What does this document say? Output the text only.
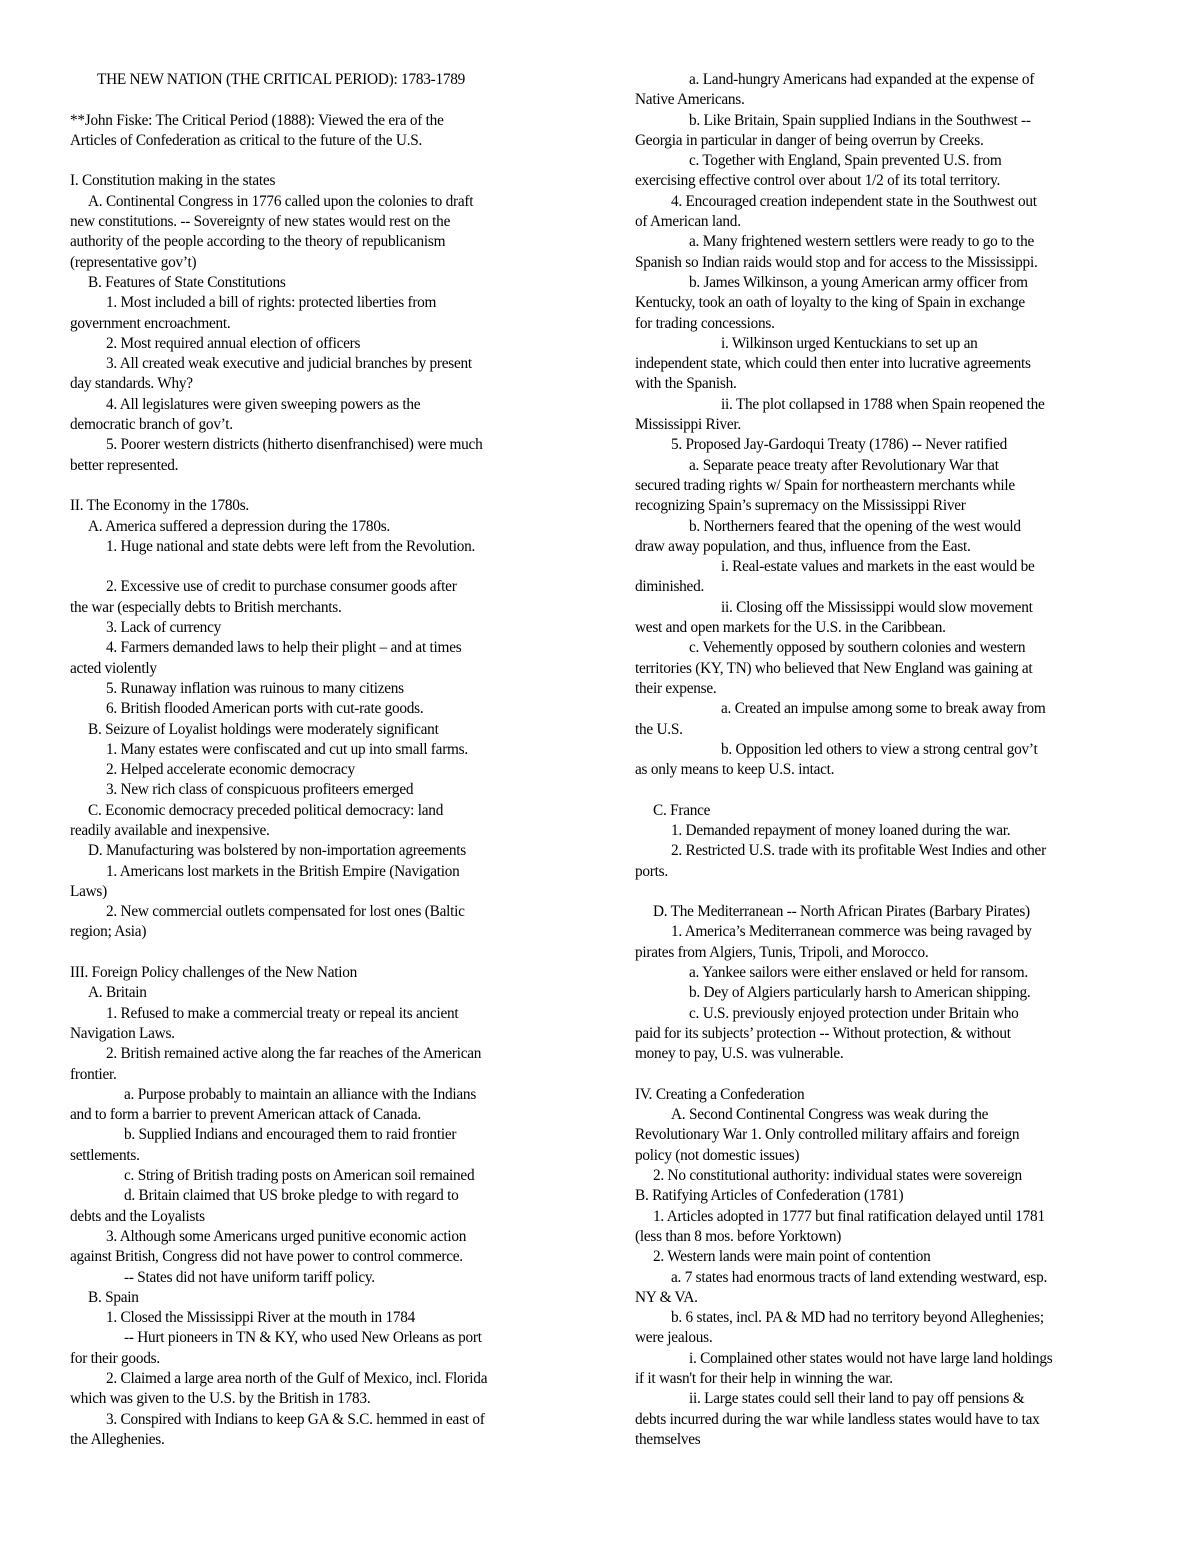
THE NEW NATION (THE CRITICAL PERIOD): 1783-1789

**John Fiske: The Critical Period (1888): Viewed the era of the

Articles of Confederation as critical to the future of the U.S.

I. Constitution making in the states

A. Continental Congress in 1776 called upon the colonies to draft

new constitutions. -- Sovereignty of new states would rest on the

authority of the people according to the theory of republicanism

(representative gov’t)

B. Features of State Constitutions

1. Most included a bill of rights: protected liberties from

government encroachment.

2. Most required annual election of officers

3. All created weak executive and judicial branches by present

day standards. Why?

4. All legislatures were given sweeping powers as the

democratic branch of gov’t.

5. Poorer western districts (hitherto disenfranchised) were much

better represented.

II. The Economy in the 1780s.

A. America suffered a depression during the 1780s.

1. Huge national and state debts were left from the Revolution.

2. Excessive use of credit to purchase consumer goods after

the war (especially debts to British merchants.

3. Lack of currency

4. Farmers demanded laws to help their plight – and at times

acted violently

5. Runaway inflation was ruinous to many citizens

6. British flooded American ports with cut-rate goods.

B. Seizure of Loyalist holdings were moderately significant

1. Many estates were confiscated and cut up into small farms.

2. Helped accelerate economic democracy

3. New rich class of conspicuous profiteers emerged

C. Economic democracy preceded political democracy: land

readily available and inexpensive.

D. Manufacturing was bolstered by non-importation agreements

1. Americans lost markets in the British Empire (Navigation

Laws)

2. New commercial outlets compensated for lost ones (Baltic

region; Asia)

III. Foreign Policy challenges of the New Nation

A. Britain

1. Refused to make a commercial treaty or repeal its ancient

Navigation Laws.

2. British remained active along the far reaches of the American

frontier.

a. Purpose probably to maintain an alliance with the Indians

and to form a barrier to prevent American attack of Canada.

b. Supplied Indians and encouraged them to raid frontier

settlements.

c. String of British trading posts on American soil remained

d. Britain claimed that US broke pledge to with regard to

debts and the Loyalists

3. Although some Americans urged punitive economic action

against British, Congress did not have power to control commerce.

-- States did not have uniform tariff policy.

B. Spain

1. Closed the Mississippi River at the mouth in 1784

-- Hurt pioneers in TN & KY, who used New Orleans as port

for their goods.

2. Claimed a large area north of the Gulf of Mexico, incl. Florida

which was given to the U.S. by the British in 1783.

3. Conspired with Indians to keep GA & S.C. hemmed in east of

the Alleghenies.

a. Land-hungry Americans had expanded at the expense of

Native Americans.

b. Like Britain, Spain supplied Indians in the Southwest --

Georgia in particular in danger of being overrun by Creeks.

c. Together with England, Spain prevented U.S. from

exercising effective control over about 1/2 of its total territory.

4. Encouraged creation independent state in the Southwest out

of American land.

a. Many frightened western settlers were ready to go to the

Spanish so Indian raids would stop and for access to the Mississippi.

b. James Wilkinson, a young American army officer from

Kentucky, took an oath of loyalty to the king of Spain in exchange

for trading concessions.

i. Wilkinson urged Kentuckians to set up an

independent state, which could then enter into lucrative agreements

with the Spanish.

ii. The plot collapsed in 1788 when Spain reopened the

Mississippi River.

5. Proposed Jay-Gardoqui Treaty (1786) -- Never ratified

a. Separate peace treaty after Revolutionary War that

secured trading rights w/ Spain for northeastern merchants while

recognizing Spain’s supremacy on the Mississippi River

b. Northerners feared that the opening of the west would

draw away population, and thus, influence from the East.

i. Real-estate values and markets in the east would be

diminished.

ii. Closing off the Mississippi would slow movement

west and open markets for the U.S. in the Caribbean.

c. Vehemently opposed by southern colonies and western

territories (KY, TN) who believed that New England was gaining at

their expense.

a. Created an impulse among some to break away from

the U.S.

b. Opposition led others to view a strong central gov’t

as only means to keep U.S. intact.

C. France

1. Demanded repayment of money loaned during the war.

2. Restricted U.S. trade with its profitable West Indies and other

ports.

D. The Mediterranean -- North African Pirates (Barbary Pirates)

1. America’s Mediterranean commerce was being ravaged by

pirates from Algiers, Tunis, Tripoli, and Morocco.

a. Yankee sailors were either enslaved or held for ransom.

b. Dey of Algiers particularly harsh to American shipping.

c. U.S. previously enjoyed protection under Britain who

paid for its subjects’ protection -- Without protection, & without

money to pay, U.S. was vulnerable.

IV. Creating a Confederation

A. Second Continental Congress was weak during the

Revolutionary War 1. Only controlled military affairs and foreign

policy (not domestic issues)

2. No constitutional authority: individual states were sovereign

B. Ratifying Articles of Confederation (1781)

1. Articles adopted in 1777 but final ratification delayed until 1781

(less than 8 mos. before Yorktown)

2. Western lands were main point of contention

a. 7 states had enormous tracts of land extending westward, esp.

NY & VA.

b. 6 states, incl. PA & MD had no territory beyond Alleghenies;

were jealous.

i. Complained other states would not have large land holdings

if it wasn't for their help in winning the war.

ii. Large states could sell their land to pay off pensions &

debts incurred during the war while landless states would have to tax

themselves
